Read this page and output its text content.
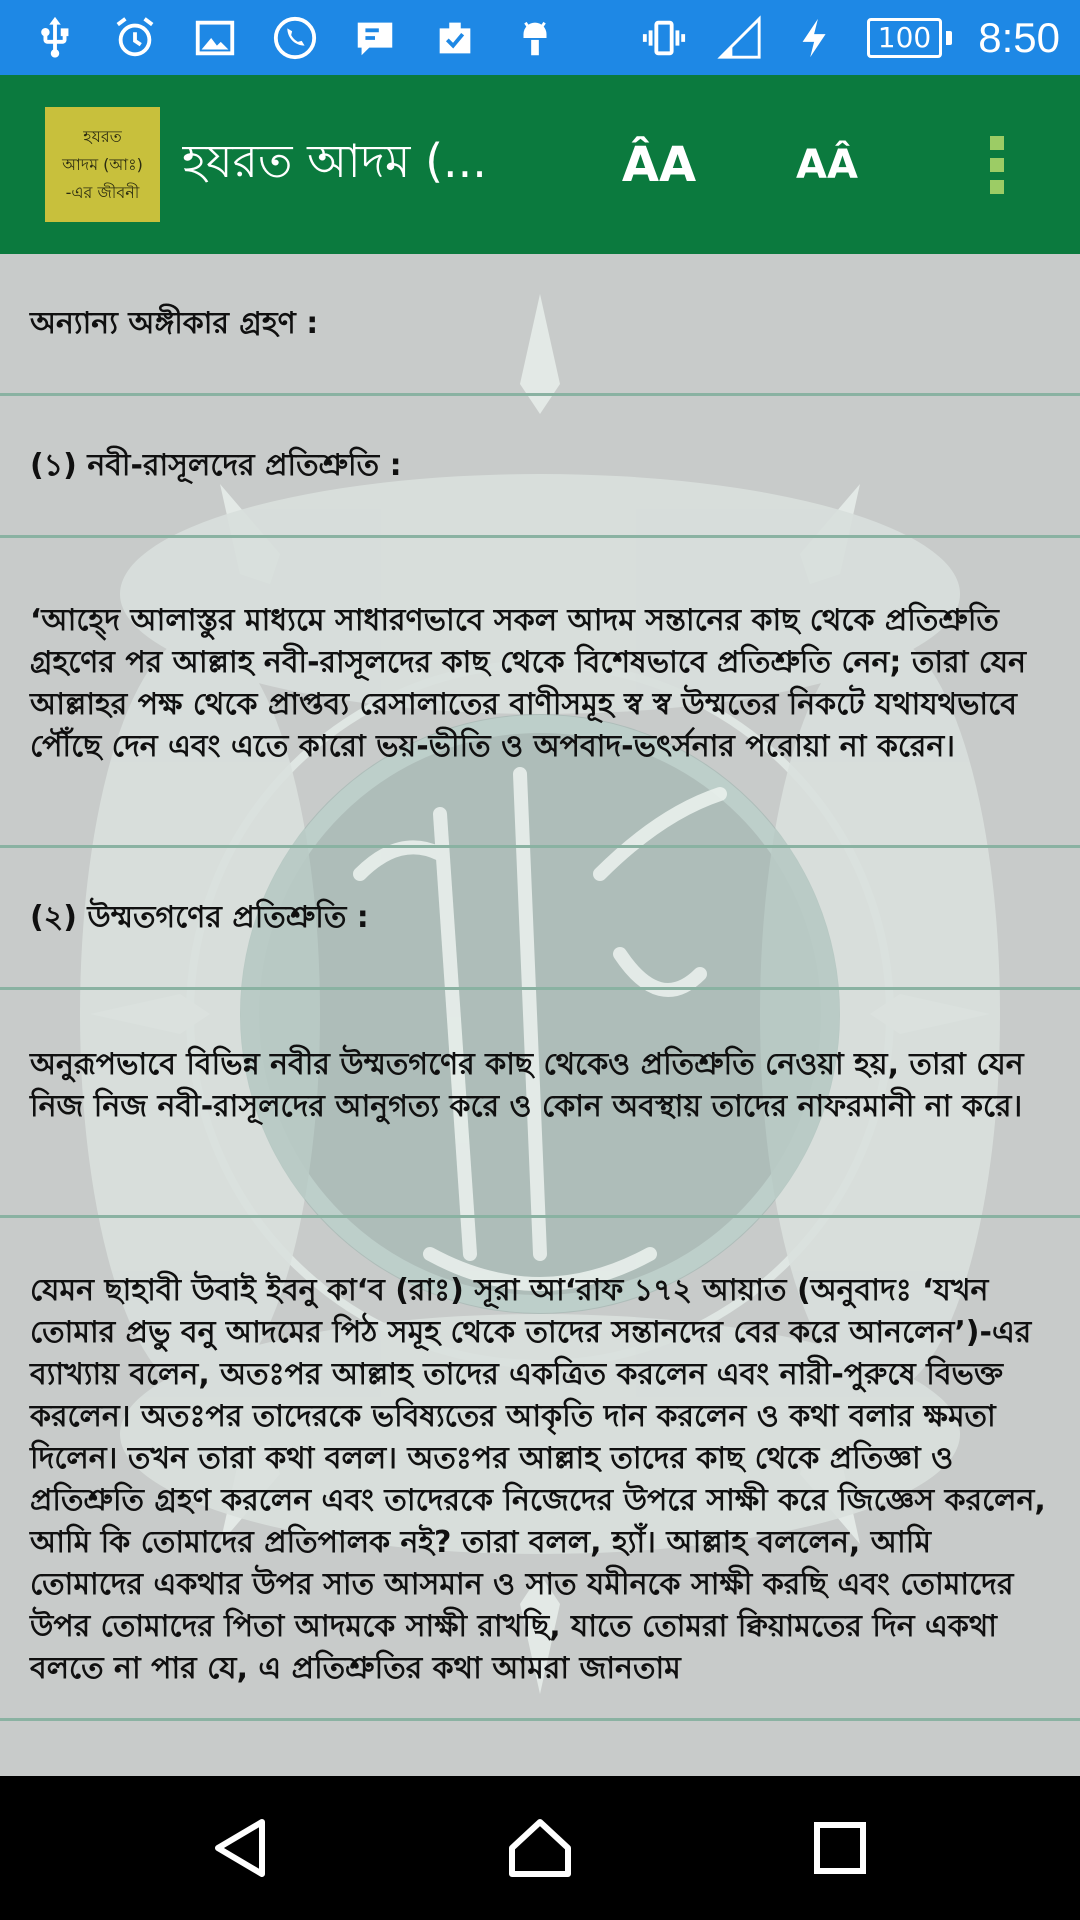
100 8:50
হযরত
আদম (আঃ)
-এর জীবনী
হযরত আদম (...	ÂA AÂ
অন্যান্য অঙ্গীকার গ্রহণ :
(১) নবী-রাসূলদের প্রতিশ্রুতি :
‘আহ্দে আলাস্তুর মাধ্যমে সাধারণভাবে সকল আদম সন্তানের কাছ থেকে প্রতিশ্রুতি গ্রহণের পর আল্লাহ নবী-রাসূলদের কাছ থেকে বিশেষভাবে প্রতিশ্রুতি নেন; তারা যেন আল্লাহর পক্ষ থেকে প্রাপ্তব্য রেসালাতের বাণীসমূহ স্ব স্ব উম্মতের নিকটে যথাযথভাবে পৌঁছে দেন এবং এতে কারো ভয়-ভীতি ও অপবাদ-ভৎর্সনার পরোয়া না করেন।
(২) উম্মতগণের প্রতিশ্রুতি :
অনুরূপভাবে বিভিন্ন নবীর উম্মতগণের কাছ থেকেও প্রতিশ্রুতি নেওয়া হয়, তারা যেন নিজ নিজ নবী-রাসূলদের আনুগত্য করে ও কোন অবস্থায় তাদের নাফরমানী না করে।
যেমন ছাহাবী উবাই ইবনু কা‘ব (রাঃ) সূরা আ‘রাফ ১৭২ আয়াত (অনুবাদঃ ‘যখন তোমার প্রভু বনু আদমের পিঠ সমূহ থেকে তাদের সন্তানদের বের করে আনলেন’)-এর ব্যাখ্যায় বলেন, অতঃপর আল্লাহ তাদের একত্রিত করলেন এবং নারী-পুরুষে বিভক্ত করলেন। অতঃপর তাদেরকে ভবিষ্যতের আকৃতি দান করলেন ও কথা বলার ক্ষমতা দিলেন। তখন তারা কথা বলল। অতঃপর আল্লাহ তাদের কাছ থেকে প্রতিজ্ঞা ও প্রতিশ্রুতি গ্রহণ করলেন এবং তাদেরকে নিজেদের উপরে সাক্ষী করে জিজ্ঞেস করলেন, আমি কি তোমাদের প্রতিপালক নই? তারা বলল, হ্যাঁ। আল্লাহ বললেন, আমি তোমাদের একথার উপর সাত আসমান ও সাত যমীনকে সাক্ষী করছি এবং তোমাদের উপর তোমাদের পিতা আদমকে সাক্ষী রাখছি, যাতে তোমরা ক্বিয়ামতের দিন একথা বলতে না পার যে, এ প্রতিশ্রুতির কথা আমরা জানতাম
